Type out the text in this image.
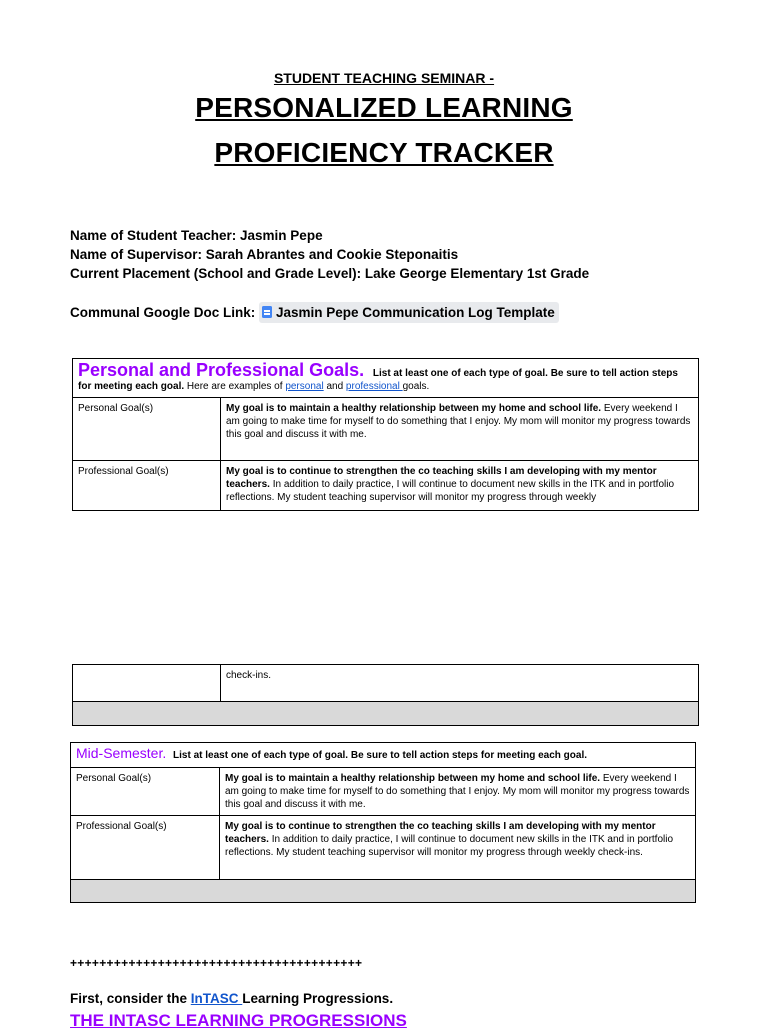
STUDENT TEACHING SEMINAR -
PERSONALIZED LEARNING
PROFICIENCY TRACKER
Name of Student Teacher: Jasmin Pepe
Name of Supervisor: Sarah Abrantes and Cookie Steponaitis
Current Placement (School and Grade Level): Lake George Elementary 1st Grade
Communal Google Doc Link: Jasmin Pepe Communication Log Template
Personal and Professional Goals. List at least one of each type of goal. Be sure to tell action steps for meeting each goal. Here are examples of personal and professional goals.	
Personal Goal(s)	My goal is to maintain a healthy relationship between my home and school life. Every weekend I am going to make time for myself to do something that I enjoy. My mom will monitor my progress towards this goal and discuss it with me.
Professional Goal(s)	My goal is to continue to strengthen the co teaching skills I am developing with my mentor teachers. In addition to daily practice, I will continue to document new skills in the ITK and in portfolio reflections. My student teaching supervisor will monitor my progress through weekly
	check-ins.

Mid-Semester. List at least one of each type of goal. Be sure to tell action steps for meeting each goal.	
Personal Goal(s)	My goal is to maintain a healthy relationship between my home and school life. Every weekend I am going to make time for myself to do something that I enjoy. My mom will monitor my progress towards this goal and discuss it with me.
Professional Goal(s)	My goal is to continue to strengthen the co teaching skills I am developing with my mentor teachers. In addition to daily practice, I will continue to document new skills in the ITK and in portfolio reflections. My student teaching supervisor will monitor my progress through weekly check-ins.

++++++++++++++++++++++++++++++++++++++++
First, consider the InTASC Learning Progressions.
THE INTASC LEARNING PROGRESSIONS
